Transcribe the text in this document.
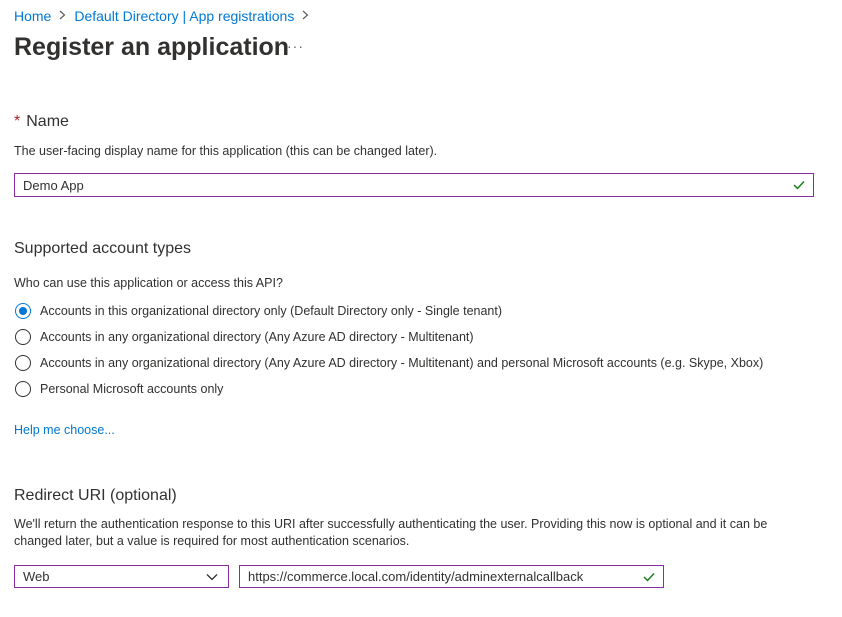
Home Default Directory | App registrations
Register an application
···
* Name
The user-facing display name for this application (this can be changed later).
Demo App
Supported account types
Who can use this application or access this API?
Accounts in this organizational directory only (Default Directory only - Single tenant)
Accounts in any organizational directory (Any Azure AD directory - Multitenant)
Accounts in any organizational directory (Any Azure AD directory - Multitenant) and personal Microsoft accounts (e.g. Skype, Xbox)
Personal Microsoft accounts only
Help me choose...
Redirect URI (optional)
We'll return the authentication response to this URI after successfully authenticating the user. Providing this now is optional and it can be changed later, but a value is required for most authentication scenarios.
Web	https://commerce.local.com/identity/adminexternalcallback
